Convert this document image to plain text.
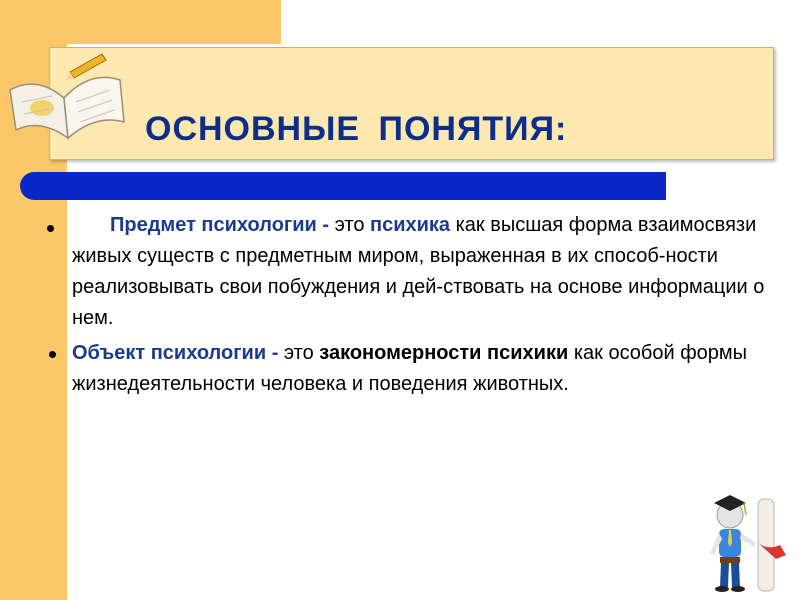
ОСНОВНЫЕ ПОНЯТИЯ:

Предмет психологии - это психика как высшая форма взаимосвязи живых существ с предметным миром, выраженная в их способ-ности реализовывать свои побуждения и дей-ствовать на основе информации о нем.

Объект психологии - это закономерности психики как особой формы жизнедеятельности человека и поведения животных.
